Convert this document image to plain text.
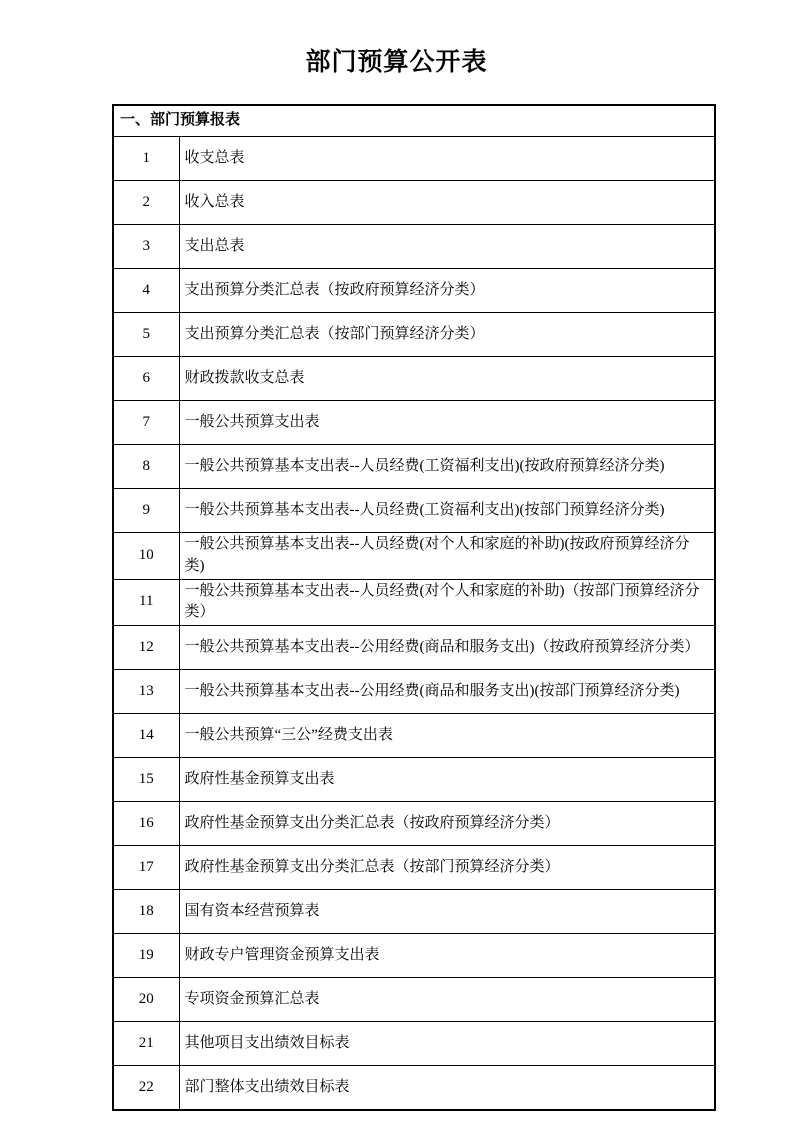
部门预算公开表
一、部门预算报表	
1	收支总表
2	收入总表
3	支出总表
4	支出预算分类汇总表（按政府预算经济分类）
5	支出预算分类汇总表（按部门预算经济分类）
6	财政拨款收支总表
7	一般公共预算支出表
8	一般公共预算基本支出表--人员经费(工资福利支出)(按政府预算经济分类)
9	一般公共预算基本支出表--人员经费(工资福利支出)(按部门预算经济分类)
10	一般公共预算基本支出表--人员经费(对个人和家庭的补助)(按政府预算经济分类)
11	一般公共预算基本支出表--人员经费(对个人和家庭的补助)（按部门预算经济分类）
12	一般公共预算基本支出表--公用经费(商品和服务支出)（按政府预算经济分类）
13	一般公共预算基本支出表--公用经费(商品和服务支出)(按部门预算经济分类)
14	一般公共预算“三公”经费支出表
15	政府性基金预算支出表
16	政府性基金预算支出分类汇总表（按政府预算经济分类）
17	政府性基金预算支出分类汇总表（按部门预算经济分类）
18	国有资本经营预算表
19	财政专户管理资金预算支出表
20	专项资金预算汇总表
21	其他项目支出绩效目标表
22	部门整体支出绩效目标表
